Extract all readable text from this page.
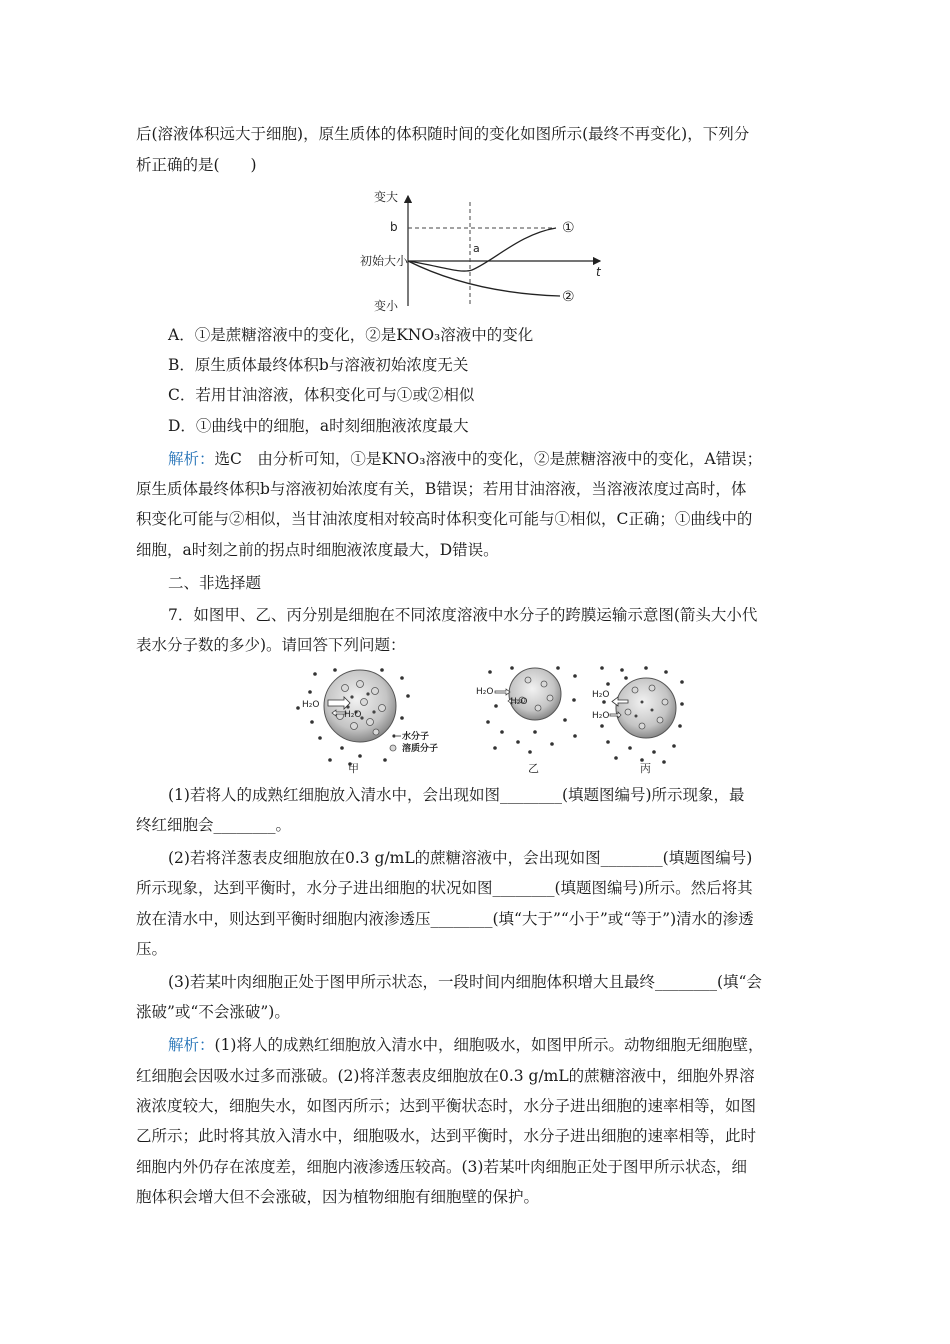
后(溶液体积远大于细胞)，原生质体的体积随时间的变化如图所示(最终不再变化)，下列分
析正确的是(　　)
变大
t
初始大小
b
a
①
②
变小
A．①是蔗糖溶液中的变化，②是KNO₃溶液中的变化
B．原生质体最终体积b与溶液初始浓度无关
C．若用甘油溶液，体积变化可与①或②相似
D．①曲线中的细胞，a时刻细胞液浓度最大
解析：选C　由分析可知，①是KNO₃溶液中的变化，②是蔗糖溶液中的变化，A错误；
原生质体最终体积b与溶液初始浓度有关，B错误；若用甘油溶液，当溶液浓度过高时，体
积变化可能与②相似，当甘油浓度相对较高时体积变化可能与①相似，C正确；①曲线中的
细胞，a时刻之前的拐点时细胞液浓度最大，D错误。
二、非选择题
7．如图甲、乙、丙分别是细胞在不同浓度溶液中水分子的跨膜运输示意图(箭头大小代
表水分子数的多少)。请回答下列问题：
H₂O
H₂O
水分子
溶质分子
甲
H₂O
H₂O
乙
H₂O
H₂O
丙
(1)若将人的成熟红细胞放入清水中，会出现如图________(填题图编号)所示现象，最
终红细胞会________。
(2)若将洋葱表皮细胞放在0.3 g/mL的蔗糖溶液中，会出现如图________(填题图编号)
所示现象，达到平衡时，水分子进出细胞的状况如图________(填题图编号)所示。然后将其
放在清水中，则达到平衡时细胞内液渗透压________(填“大于”“小于”或“等于”)清水的渗透
压。
(3)若某叶肉细胞正处于图甲所示状态，一段时间内细胞体积增大且最终________(填“会
涨破”或“不会涨破”)。
解析：(1)将人的成熟红细胞放入清水中，细胞吸水，如图甲所示。动物细胞无细胞壁，
红细胞会因吸水过多而涨破。(2)将洋葱表皮细胞放在0.3 g/mL的蔗糖溶液中，细胞外界溶
液浓度较大，细胞失水，如图丙所示；达到平衡状态时，水分子进出细胞的速率相等，如图
乙所示；此时将其放入清水中，细胞吸水，达到平衡时，水分子进出细胞的速率相等，此时
细胞内外仍存在浓度差，细胞内液渗透压较高。(3)若某叶肉细胞正处于图甲所示状态，细
胞体积会增大但不会涨破，因为植物细胞有细胞壁的保护。
